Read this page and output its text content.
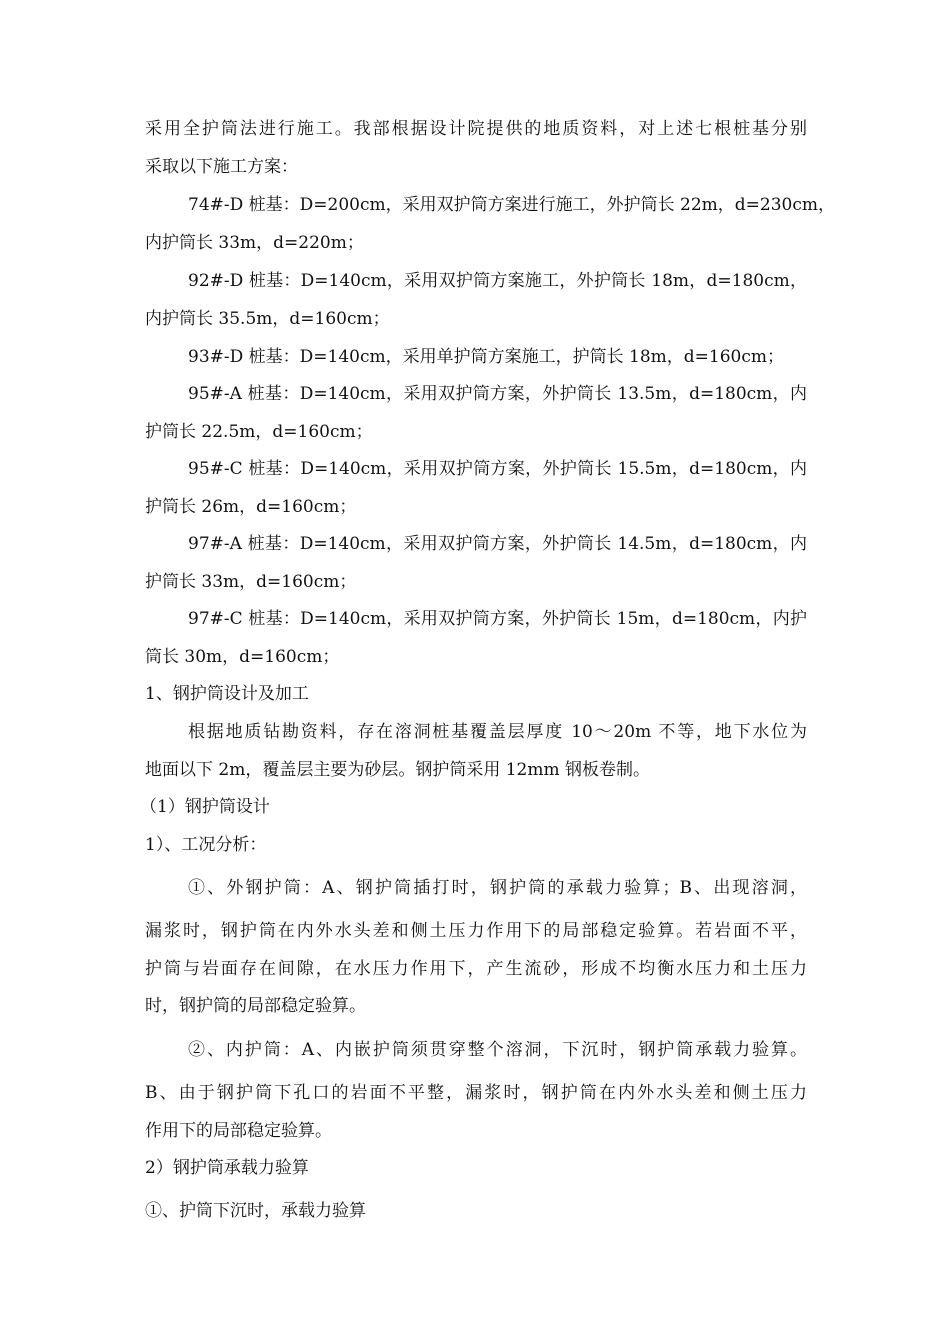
采用全护筒法进行施工。我部根据设计院提供的地质资料，对上述七根桩基分别
采取以下施工方案：
74#-D 桩基：D=200cm，采用双护筒方案进行施工，外护筒长 22m，d=230cm，
内护筒长 33m，d=220m；
92#-D 桩基：D=140cm，采用双护筒方案施工，外护筒长 18m，d=180cm，
内护筒长 35.5m，d=160cm；
93#-D 桩基：D=140cm，采用单护筒方案施工，护筒长 18m，d=160cm；
95#-A 桩基：D=140cm，采用双护筒方案，外护筒长 13.5m，d=180cm，内
护筒长 22.5m，d=160cm；
95#-C 桩基：D=140cm，采用双护筒方案，外护筒长 15.5m，d=180cm，内
护筒长 26m，d=160cm；
97#-A 桩基：D=140cm，采用双护筒方案，外护筒长 14.5m，d=180cm，内
护筒长 33m，d=160cm；
97#-C 桩基：D=140cm，采用双护筒方案，外护筒长 15m，d=180cm，内护
筒长 30m，d=160cm；
1、钢护筒设计及加工
根据地质钻勘资料，存在溶洞桩基覆盖层厚度 10～20m 不等，地下水位为
地面以下 2m，覆盖层主要为砂层。钢护筒采用 12mm 钢板卷制。
（1）钢护筒设计
1）、工况分析：
①、外钢护筒：A、钢护筒插打时，钢护筒的承载力验算；B、出现溶洞，
漏浆时，钢护筒在内外水头差和侧土压力作用下的局部稳定验算。若岩面不平，
护筒与岩面存在间隙，在水压力作用下，产生流砂，形成不均衡水压力和土压力
时，钢护筒的局部稳定验算。
②、内护筒：A、内嵌护筒须贯穿整个溶洞，下沉时，钢护筒承载力验算。
B、由于钢护筒下孔口的岩面不平整，漏浆时，钢护筒在内外水头差和侧土压力
作用下的局部稳定验算。
2）钢护筒承载力验算
①、护筒下沉时，承载力验算
